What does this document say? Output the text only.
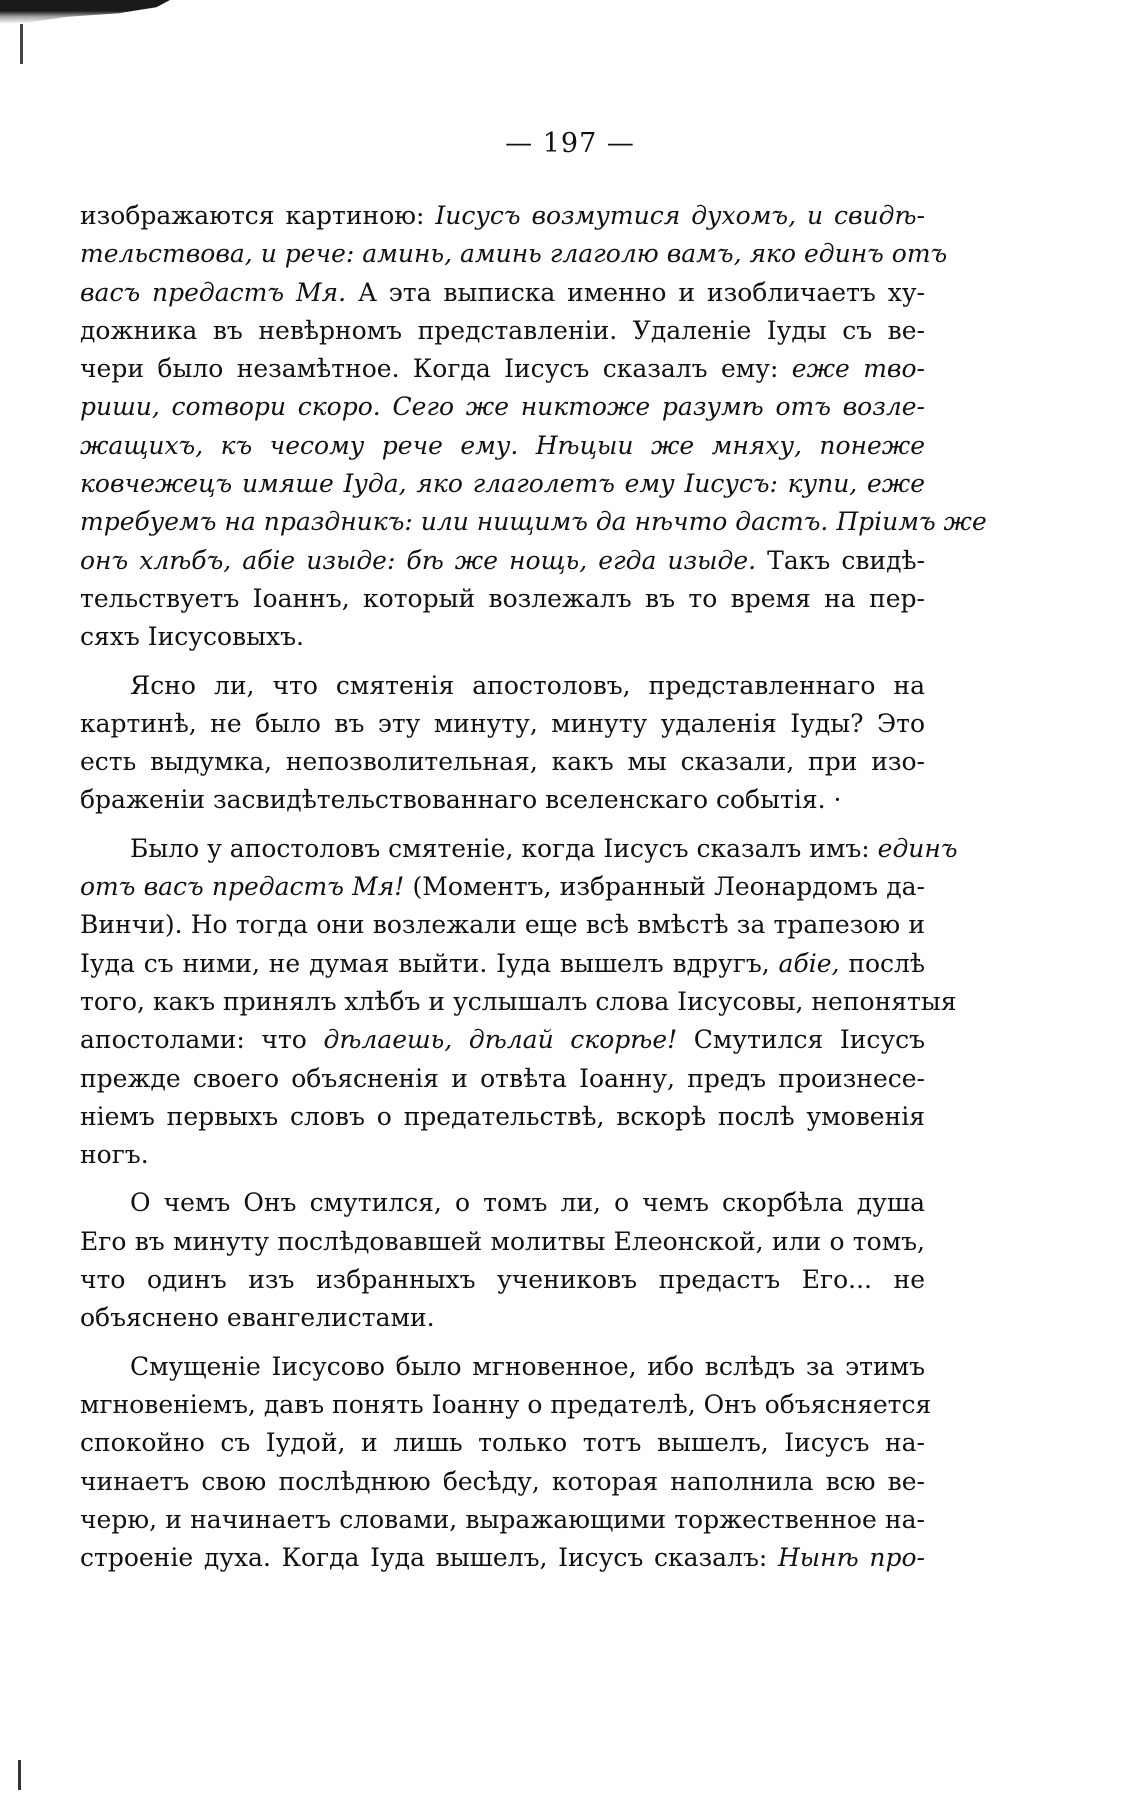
— 197 —
изображаются картиною: Iисусъ возмутися духомъ, и свидѣ-
тельствова, и рече: аминь, аминь глаголю вамъ, яко единъ отъ
васъ предастъ Мя. А эта выписка именно и изобличаетъ ху-
дожника въ невѣрномъ представленiи. Удаленiе Iуды съ ве-
чери было незамѣтное. Когда Iисусъ сказалъ ему: еже тво-
риши, сотвори скоро. Сего же никтоже разумѣ отъ возле-
жащихъ, къ чесому рече ему. Нѣцыи же мняху, понеже
ковчежецъ имяше Iуда, яко глаголетъ ему Iисусъ: купи, еже
требуемъ на праздникъ: или нищимъ да нѣчто дастъ. Прiимъ же
онъ хлѣбъ, абiе изыде: бѣ же нощь, егда изыде. Такъ свидѣ-
тельствуетъ Iоаннъ, который возлежалъ въ то время на пер-
сяхъ Iисусовыхъ.
Ясно ли, что смятенiя апостоловъ, представленнаго на
картинѣ, не было въ эту минуту, минуту удаленiя Iуды? Это
есть выдумка, непозволительная, какъ мы сказали, при изо-
браженiи засвидѣтельствованнаго вселенскаго событiя. ·
Было у апостоловъ смятенiе, когда Iисусъ сказалъ имъ: единъ
отъ васъ предастъ Мя! (Моментъ, избранный Леонардомъ да-
Винчи). Но тогда они возлежали еще всѣ вмѣстѣ за трапезою и
Iуда съ ними, не думая выйти. Iуда вышелъ вдругъ, абiе, послѣ
того, какъ принялъ хлѣбъ и услышалъ слова Iисусовы, непонятыя
апостолами: что дѣлаешь, дѣлай скорѣе! Смутился Iисусъ
прежде своего объясненiя и отвѣта Iоанну, предъ произнесе-
нiемъ первыхъ словъ о предательствѣ, вскорѣ послѣ умовенiя
ногъ.
О чемъ Онъ смутился, о томъ ли, о чемъ скорбѣла душа
Его въ минуту послѣдовавшей молитвы Елеонской, или о томъ,
что одинъ изъ избранныхъ учениковъ предастъ Его... не
объяснено евангелистами.
Смущенiе Iисусово было мгновенное, ибо вслѣдъ за этимъ
мгновенiемъ, давъ понять Iоанну о предателѣ, Онъ объясняется
спокойно съ Iудой, и лишь только тотъ вышелъ, Iисусъ на-
чинаетъ свою послѣднюю бесѣду, которая наполнила всю ве-
черю, и начинаетъ словами, выражающими торжественное на-
строенiе духа. Когда Iуда вышелъ, Iисусъ сказалъ: Нынѣ про-
